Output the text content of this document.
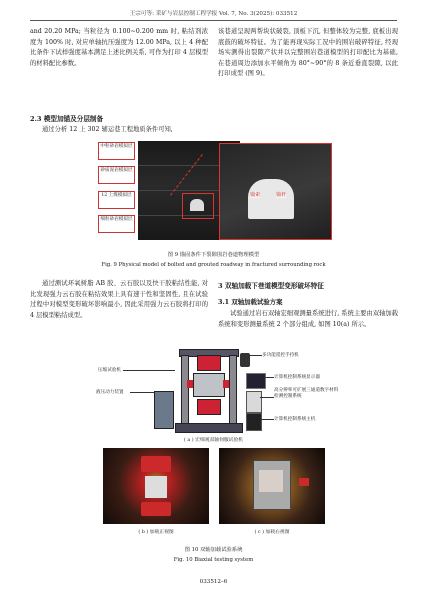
王宗可等: 采矿与岩层控制工程学报 Vol. 7, No. 3(2025): 033512

and 20.20 MPa; 当粒径为 0.100~0.200 mm 时, 粘结剂浓度为 100% 时, 对应单轴抗压强度为 12.00 MPa, 以上 4 种配比条件下试样强度基本满足上述比例关系, 可作为打印 4 层模型的材料配比参数。

2.3 模型加锚及分层制备

通过分析 12 上 302 辅运巷工程地质条件可知,

该巷道呈现两帮块状破裂, 顶板下沉, 但整体较为完整, 底板出现底鼓的破坏特征。为了能再现实际工况中的围岩破碎特征, 经现场实测得出裂隙产状并以完整围岩巷道模型的打印配比为基础, 在巷道周边添加水平倾角为 80°~90°的 8 条近垂直裂隙, 以此打印成型 (图 9)。

中粒砂岩模拟层
砂质泥岩模拟层
12 上煤模拟层
细粒砂岩模拟层
锚索	锚杆
图 9 锚固条件下裂隙围岩巷道物理模型
Fig. 9 Physical model of bolted and grouted roadway in fractured surrounding rock

通过测试环氧树脂 AB 胶、云石胶以及快干胶粘结性能, 对比发现强力云石胶在粘结效果上具有速干性和坚固性, 且在试验过程中对模型变形破坏影响最小, 因此采用强力云石胶将打印的 4 层模型粘结成型。

3 双轴加载下巷道模型变形破坏特征

3.1 双轴加载试验方案

试验通过岩石双轴宏细观测量系统进行, 系统主要由双轴加载系统和变形测量系统 2 个部分组成, 如图 10(a) 所示。

压缩试验机
液压动力装置
多功能遥控手持机
计算机控制系统显示器
高分辨率可扩展三通道数字材料检测控制系统
计算机控制系统主机
( a ) 宏细观双轴伺服试验机
( b ) 加载正视图	( c ) 加载右视图
图 10 双轴加载试验系统
Fig. 10 Biaxial testing system
033512–6
